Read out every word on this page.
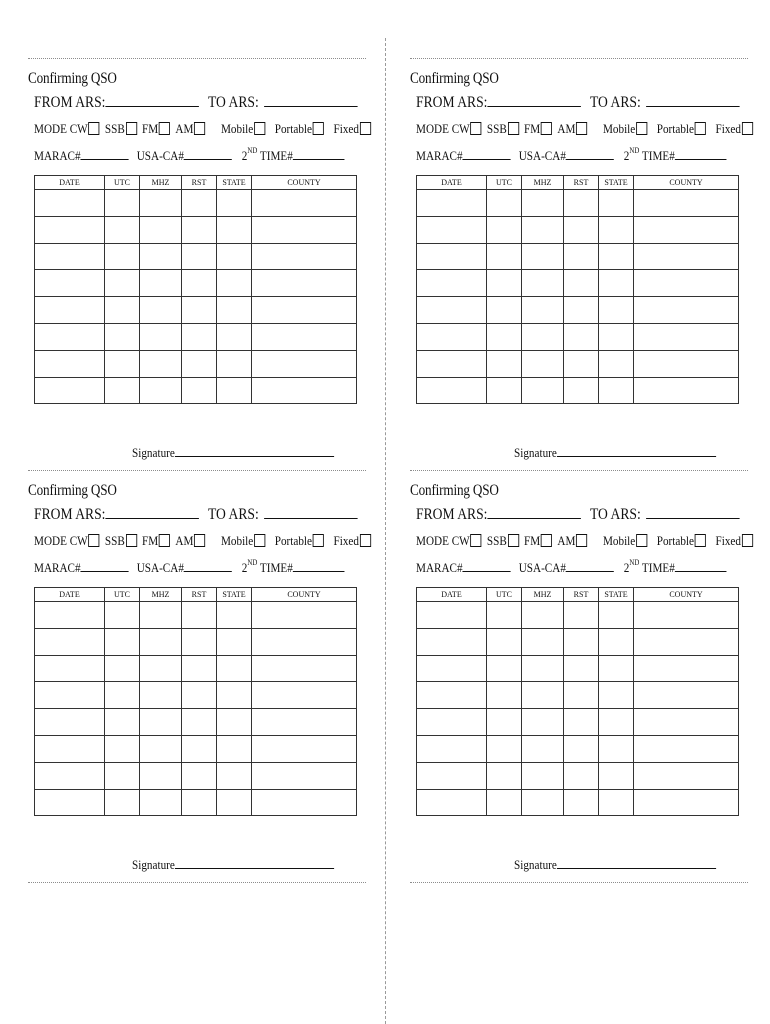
Confirming QSO
FROM ARS:	TO ARS:
MODE CW SSB FM AM Mobile Portable Fixed
MARAC#	USA-CA#	2ND TIME#
DATE	UTC	MHZ	RST	STATE	COUNTY

Signature
Confirming QSO
FROM ARS:	TO ARS:
MODE CW SSB FM AM Mobile Portable Fixed
MARAC#	USA-CA#	2ND TIME#
DATE	UTC	MHZ	RST	STATE	COUNTY

Signature
Confirming QSO
FROM ARS:	TO ARS:
MODE CW SSB FM AM Mobile Portable Fixed
MARAC#	USA-CA#	2ND TIME#
DATE	UTC	MHZ	RST	STATE	COUNTY

Signature
Confirming QSO
FROM ARS:	TO ARS:
MODE CW SSB FM AM Mobile Portable Fixed
MARAC#	USA-CA#	2ND TIME#
DATE	UTC	MHZ	RST	STATE	COUNTY

Signature
